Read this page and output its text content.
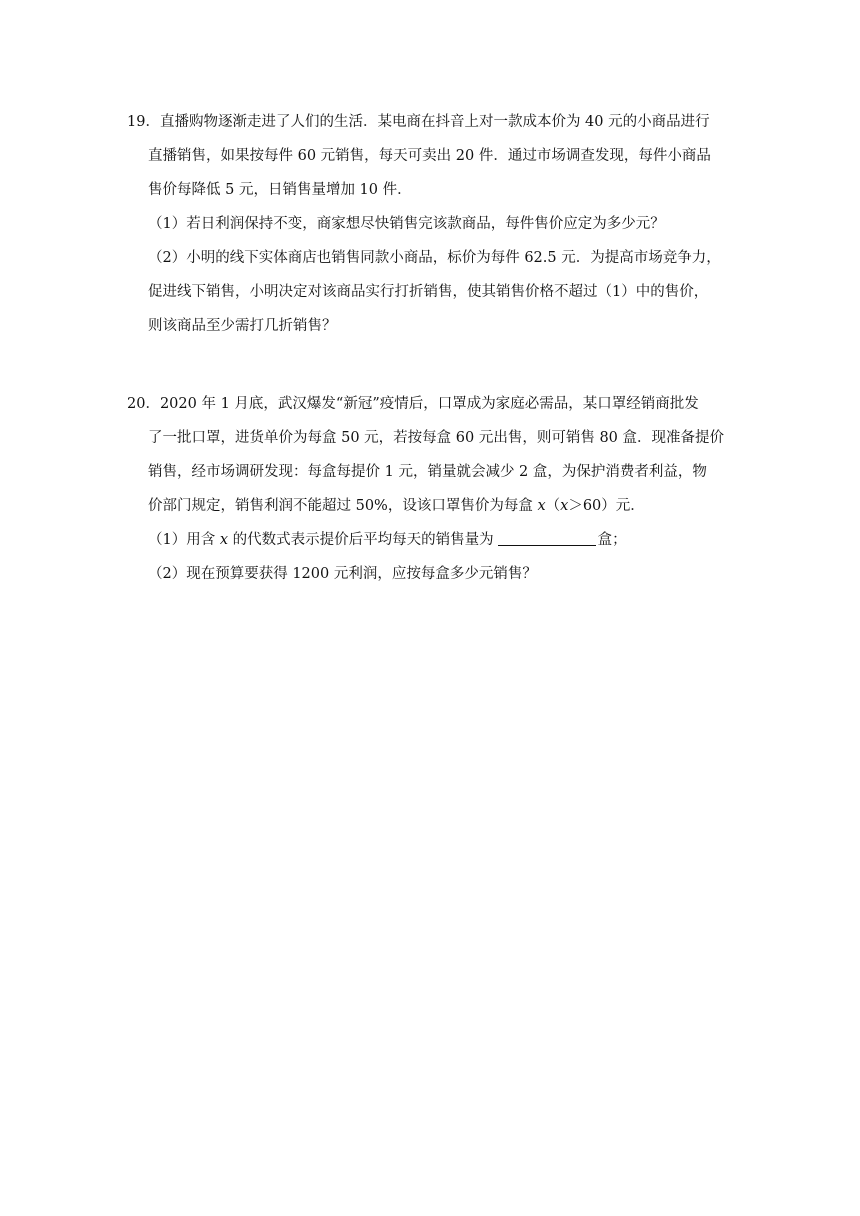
19．直播购物逐渐走进了人们的生活．某电商在抖音上对一款成本价为 40 元的小商品进行
直播销售，如果按每件 60 元销售，每天可卖出 20 件．通过市场调查发现，每件小商品
售价每降低 5 元，日销售量增加 10 件．
（1）若日利润保持不变，商家想尽快销售完该款商品，每件售价应定为多少元？
（2）小明的线下实体商店也销售同款小商品，标价为每件 62.5 元．为提高市场竞争力，
促进线下销售，小明决定对该商品实行打折销售，使其销售价格不超过（1）中的售价，
则该商品至少需打几折销售？
20．2020 年 1 月底，武汉爆发“新冠”疫情后，口罩成为家庭必需品，某口罩经销商批发
了一批口罩，进货单价为每盒 50 元，若按每盒 60 元出售，则可销售 80 盒．现准备提价
销售，经市场调研发现：每盒每提价 1 元，销量就会减少 2 盒，为保护消费者利益，物
价部门规定，销售利润不能超过 50%，设该口罩售价为每盒 x（x＞60）元．
（1）用含 x 的代数式表示提价后平均每天的销售量为	盒；
（2）现在预算要获得 1200 元利润，应按每盒多少元销售？
